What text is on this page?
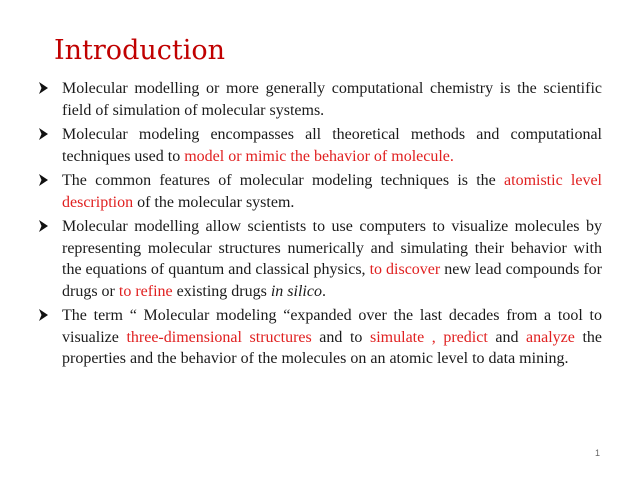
Introduction
Molecular modelling or more generally computational chemistry is the scientific field of simulation of molecular systems.
Molecular modeling encompasses all theoretical methods and computational techniques used to model or mimic the behavior of molecule.
The common features of molecular modeling techniques is the atomistic level description of the molecular system.
Molecular modelling allow scientists to use computers to visualize molecules by representing molecular structures numerically and simulating their behavior with the equations of quantum and classical physics, to discover new lead compounds for drugs or to refine existing drugs in silico.
The term “ Molecular modeling “expanded over the last decades from a tool to visualize three-dimensional structures and to simulate , predict and analyze the properties and the behavior of the molecules on an atomic level to data mining.
1
